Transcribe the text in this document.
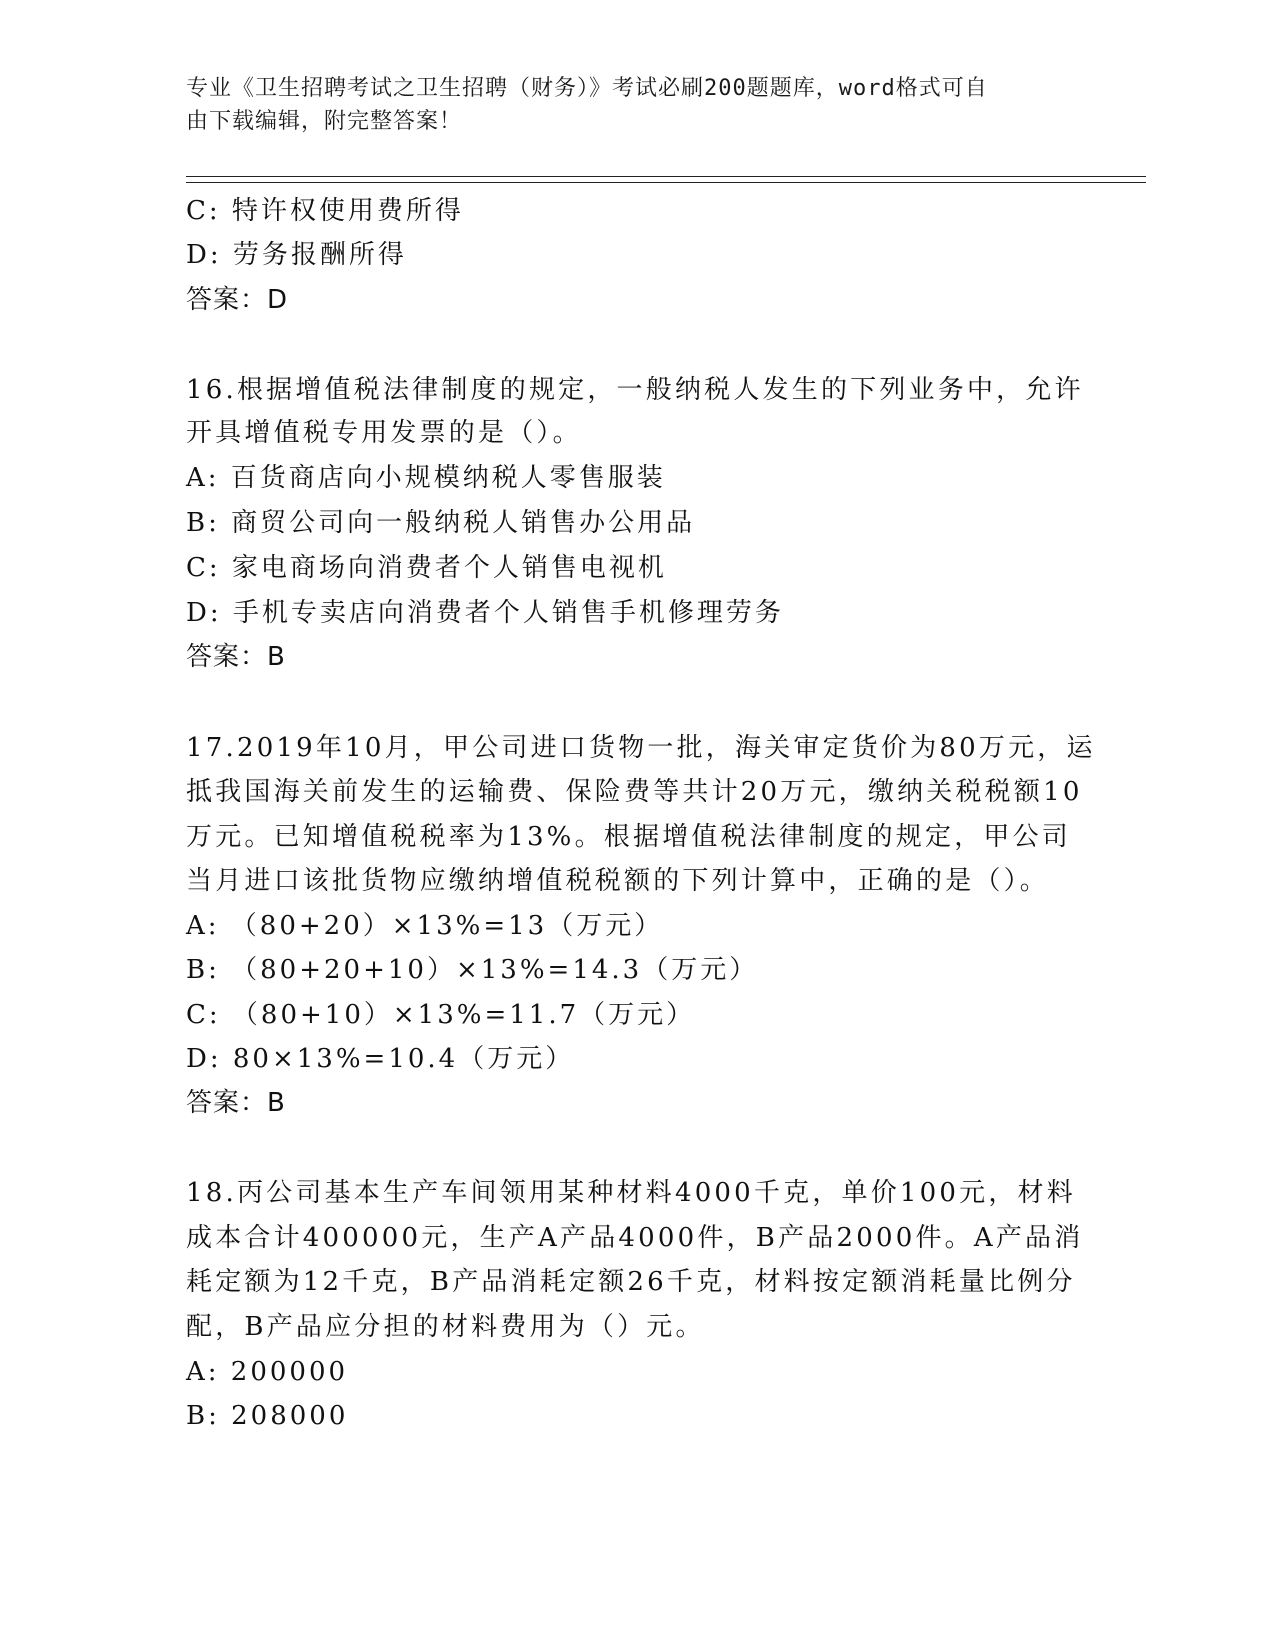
专业《卫生招聘考试之卫生招聘（财务）》考试必刷200题题库，word格式可自
由下载编辑，附完整答案！
C: 特许权使用费所得
D: 劳务报酬所得
答案：D
16.根据增值税法律制度的规定，一般纳税人发生的下列业务中，允许
开具增值税专用发票的是（）。
A: 百货商店向小规模纳税人零售服装
B: 商贸公司向一般纳税人销售办公用品
C: 家电商场向消费者个人销售电视机
D: 手机专卖店向消费者个人销售手机修理劳务
答案：B
17.2019年10月，甲公司进口货物一批，海关审定货价为80万元，运
抵我国海关前发生的运输费、保险费等共计20万元，缴纳关税税额10
万元。已知增值税税率为13%。根据增值税法律制度的规定，甲公司
当月进口该批货物应缴纳增值税税额的下列计算中，正确的是（）。
A: （80+20）×13%=13（万元）
B: （80+20+10）×13%=14.3（万元）
C: （80+10）×13%=11.7（万元）
D: 80×13%=10.4（万元）
答案：B
18.丙公司基本生产车间领用某种材料4000千克，单价100元，材料
成本合计400000元，生产A产品4000件，B产品2000件。A产品消
耗定额为12千克，B产品消耗定额26千克，材料按定额消耗量比例分
配，B产品应分担的材料费用为（）元。
A: 200000
B: 208000
